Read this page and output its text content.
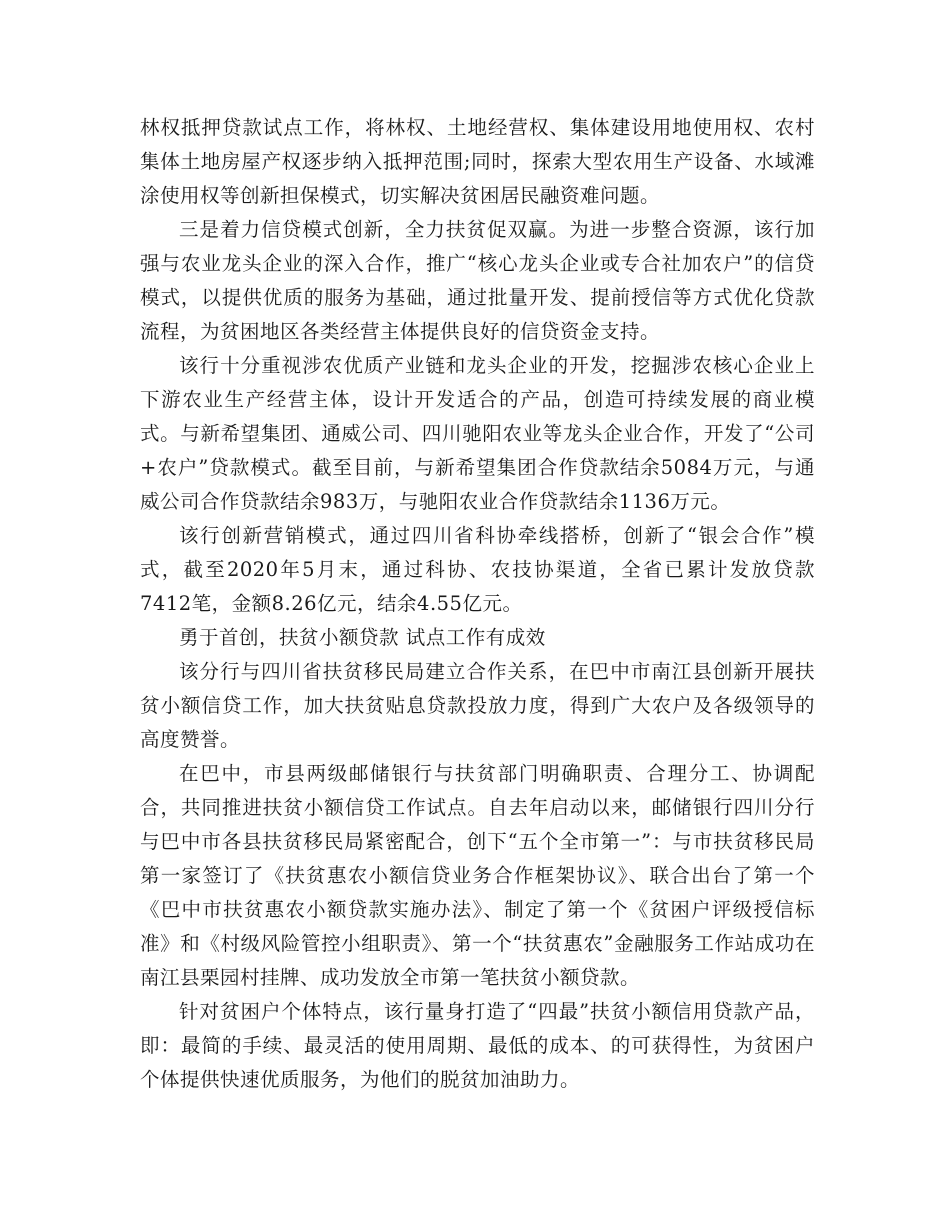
林权抵押贷款试点工作，将林权、土地经营权、集体建设用地使用权、农村集体土地房屋产权逐步纳入抵押范围;同时，探索大型农用生产设备、水域滩涂使用权等创新担保模式，切实解决贫困居民融资难问题。

三是着力信贷模式创新，全力扶贫促双赢。为进一步整合资源，该行加强与农业龙头企业的深入合作，推广“核心龙头企业或专合社加农户”的信贷模式，以提供优质的服务为基础，通过批量开发、提前授信等方式优化贷款流程，为贫困地区各类经营主体提供良好的信贷资金支持。

该行十分重视涉农优质产业链和龙头企业的开发，挖掘涉农核心企业上下游农业生产经营主体，设计开发适合的产品，创造可持续发展的商业模式。与新希望集团、通威公司、四川驰阳农业等龙头企业合作，开发了“公司+农户”贷款模式。截至目前，与新希望集团合作贷款结余5084万元，与通威公司合作贷款结余983万，与驰阳农业合作贷款结余1136万元。

该行创新营销模式，通过四川省科协牵线搭桥，创新了“银会合作”模式，截至2020年5月末，通过科协、农技协渠道，全省已累计发放贷款7412笔，金额8.26亿元，结余4.55亿元。

勇于首创，扶贫小额贷款 试点工作有成效

该分行与四川省扶贫移民局建立合作关系，在巴中市南江县创新开展扶贫小额信贷工作，加大扶贫贴息贷款投放力度，得到广大农户及各级领导的高度赞誉。

在巴中，市县两级邮储银行与扶贫部门明确职责、合理分工、协调配合，共同推进扶贫小额信贷工作试点。自去年启动以来，邮储银行四川分行与巴中市各县扶贫移民局紧密配合，创下“五个全市第一”：与市扶贫移民局第一家签订了《扶贫惠农小额信贷业务合作框架协议》、联合出台了第一个《巴中市扶贫惠农小额贷款实施办法》、制定了第一个《贫困户评级授信标准》和《村级风险管控小组职责》、第一个“扶贫惠农”金融服务工作站成功在南江县栗园村挂牌、成功发放全市第一笔扶贫小额贷款。

针对贫困户个体特点，该行量身打造了“四最”扶贫小额信用贷款产品，即：最简的手续、最灵活的使用周期、最低的成本、的可获得性，为贫困户个体提供快速优质服务，为他们的脱贫加油助力。
